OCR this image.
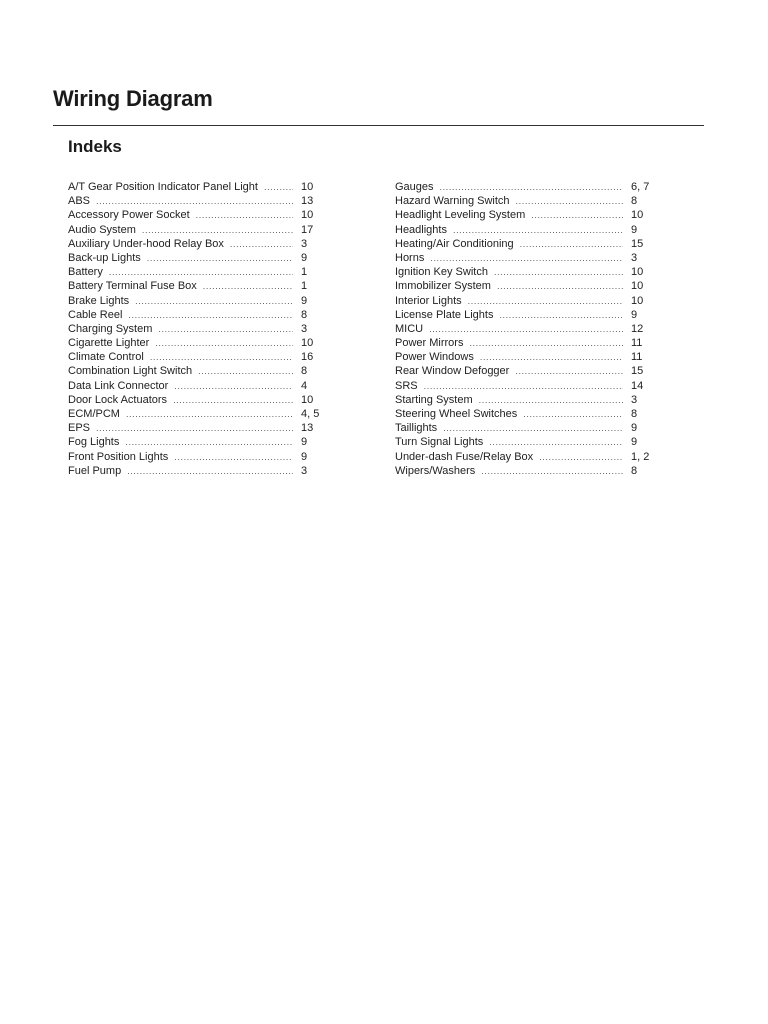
Wiring Diagram
Indeks
A/T Gear Position Indicator Panel Light .....	10
ABS .....	13
Accessory Power Socket .....	10
Audio System .....	17
Auxiliary Under-hood Relay Box .....	3
Back-up Lights .....	9
Battery .....	1
Battery Terminal Fuse Box .....	1
Brake Lights .....	9
Cable Reel .....	8
Charging System .....	3
Cigarette Lighter .....	10
Climate Control .....	16
Combination Light Switch .....	8
Data Link Connector .....	4
Door Lock Actuators .....	10
ECM/PCM .....	4, 5
EPS .....	13
Fog Lights .....	9
Front Position Lights .....	9
Fuel Pump .....	3
Gauges .....	6, 7
Hazard Warning Switch .....	8
Headlight Leveling System .....	10
Headlights .....	9
Heating/Air Conditioning .....	15
Horns .....	3
Ignition Key Switch .....	10
Immobilizer System .....	10
Interior Lights .....	10
License Plate Lights .....	9
MICU .....	12
Power Mirrors .....	11
Power Windows .....	11
Rear Window Defogger .....	15
SRS .....	14
Starting System .....	3
Steering Wheel Switches .....	8
Taillights .....	9
Turn Signal Lights .....	9
Under-dash Fuse/Relay Box .....	1, 2
Wipers/Washers .....	8
